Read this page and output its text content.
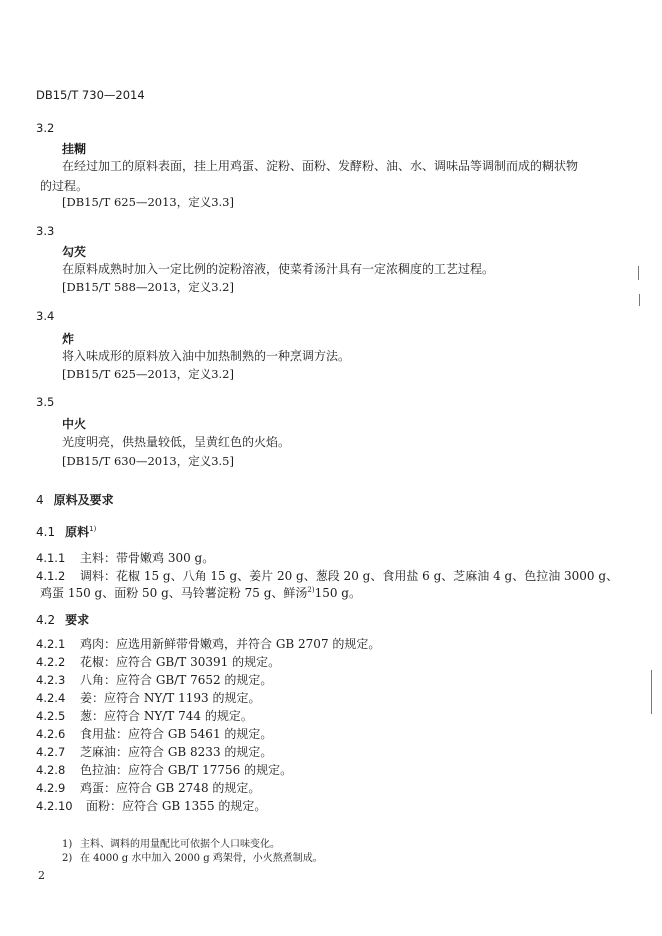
DB15/T 730—2014
3.2
挂糊
在经过加工的原料表面，挂上用鸡蛋、淀粉、面粉、发酵粉、油、水、调味品等调制而成的糊状物
的过程。
[DB15/T 625—2013，定义3.3]
3.3
勾芡
在原料成熟时加入一定比例的淀粉溶液，使菜肴汤汁具有一定浓稠度的工艺过程。
[DB15/T 588—2013，定义3.2]
3.4
炸
将入味成形的原料放入油中加热制熟的一种烹调方法。
[DB15/T 625—2013，定义3.2]
3.5
中火
光度明亮，供热量较低，呈黄红色的火焰。
[DB15/T 630—2013，定义3.5]
4 原料及要求
4.1 原料$^{1)}$
4.1.1 主料：带骨嫩鸡 300 g。
4.1.2 调料：花椒 15 g、八角 15 g、姜片 20 g、葱段 20 g、食用盐 6 g、芝麻油 4 g、色拉油 3000 g、
鸡蛋 150 g、面粉 50 g、马铃薯淀粉 75 g、鲜汤$^{2)}$150 g。
4.2 要求
4.2.1 鸡肉：应选用新鲜带骨嫩鸡，并符合 GB 2707 的规定。
4.2.2 花椒：应符合 GB/T 30391 的规定。
4.2.3 八角：应符合 GB/T 7652 的规定。
4.2.4 姜：应符合 NY/T 1193 的规定。
4.2.5 葱：应符合 NY/T 744 的规定。
4.2.6 食用盐：应符合 GB 5461 的规定。
4.2.7 芝麻油：应符合 GB 8233 的规定。
4.2.8 色拉油：应符合 GB/T 17756 的规定。
4.2.9 鸡蛋：应符合 GB 2748 的规定。
4.2.10 面粉：应符合 GB 1355 的规定。
1) 主料、调料的用量配比可依据个人口味变化。
2) 在 4000 g 水中加入 2000 g 鸡架骨，小火熬煮制成。
2
